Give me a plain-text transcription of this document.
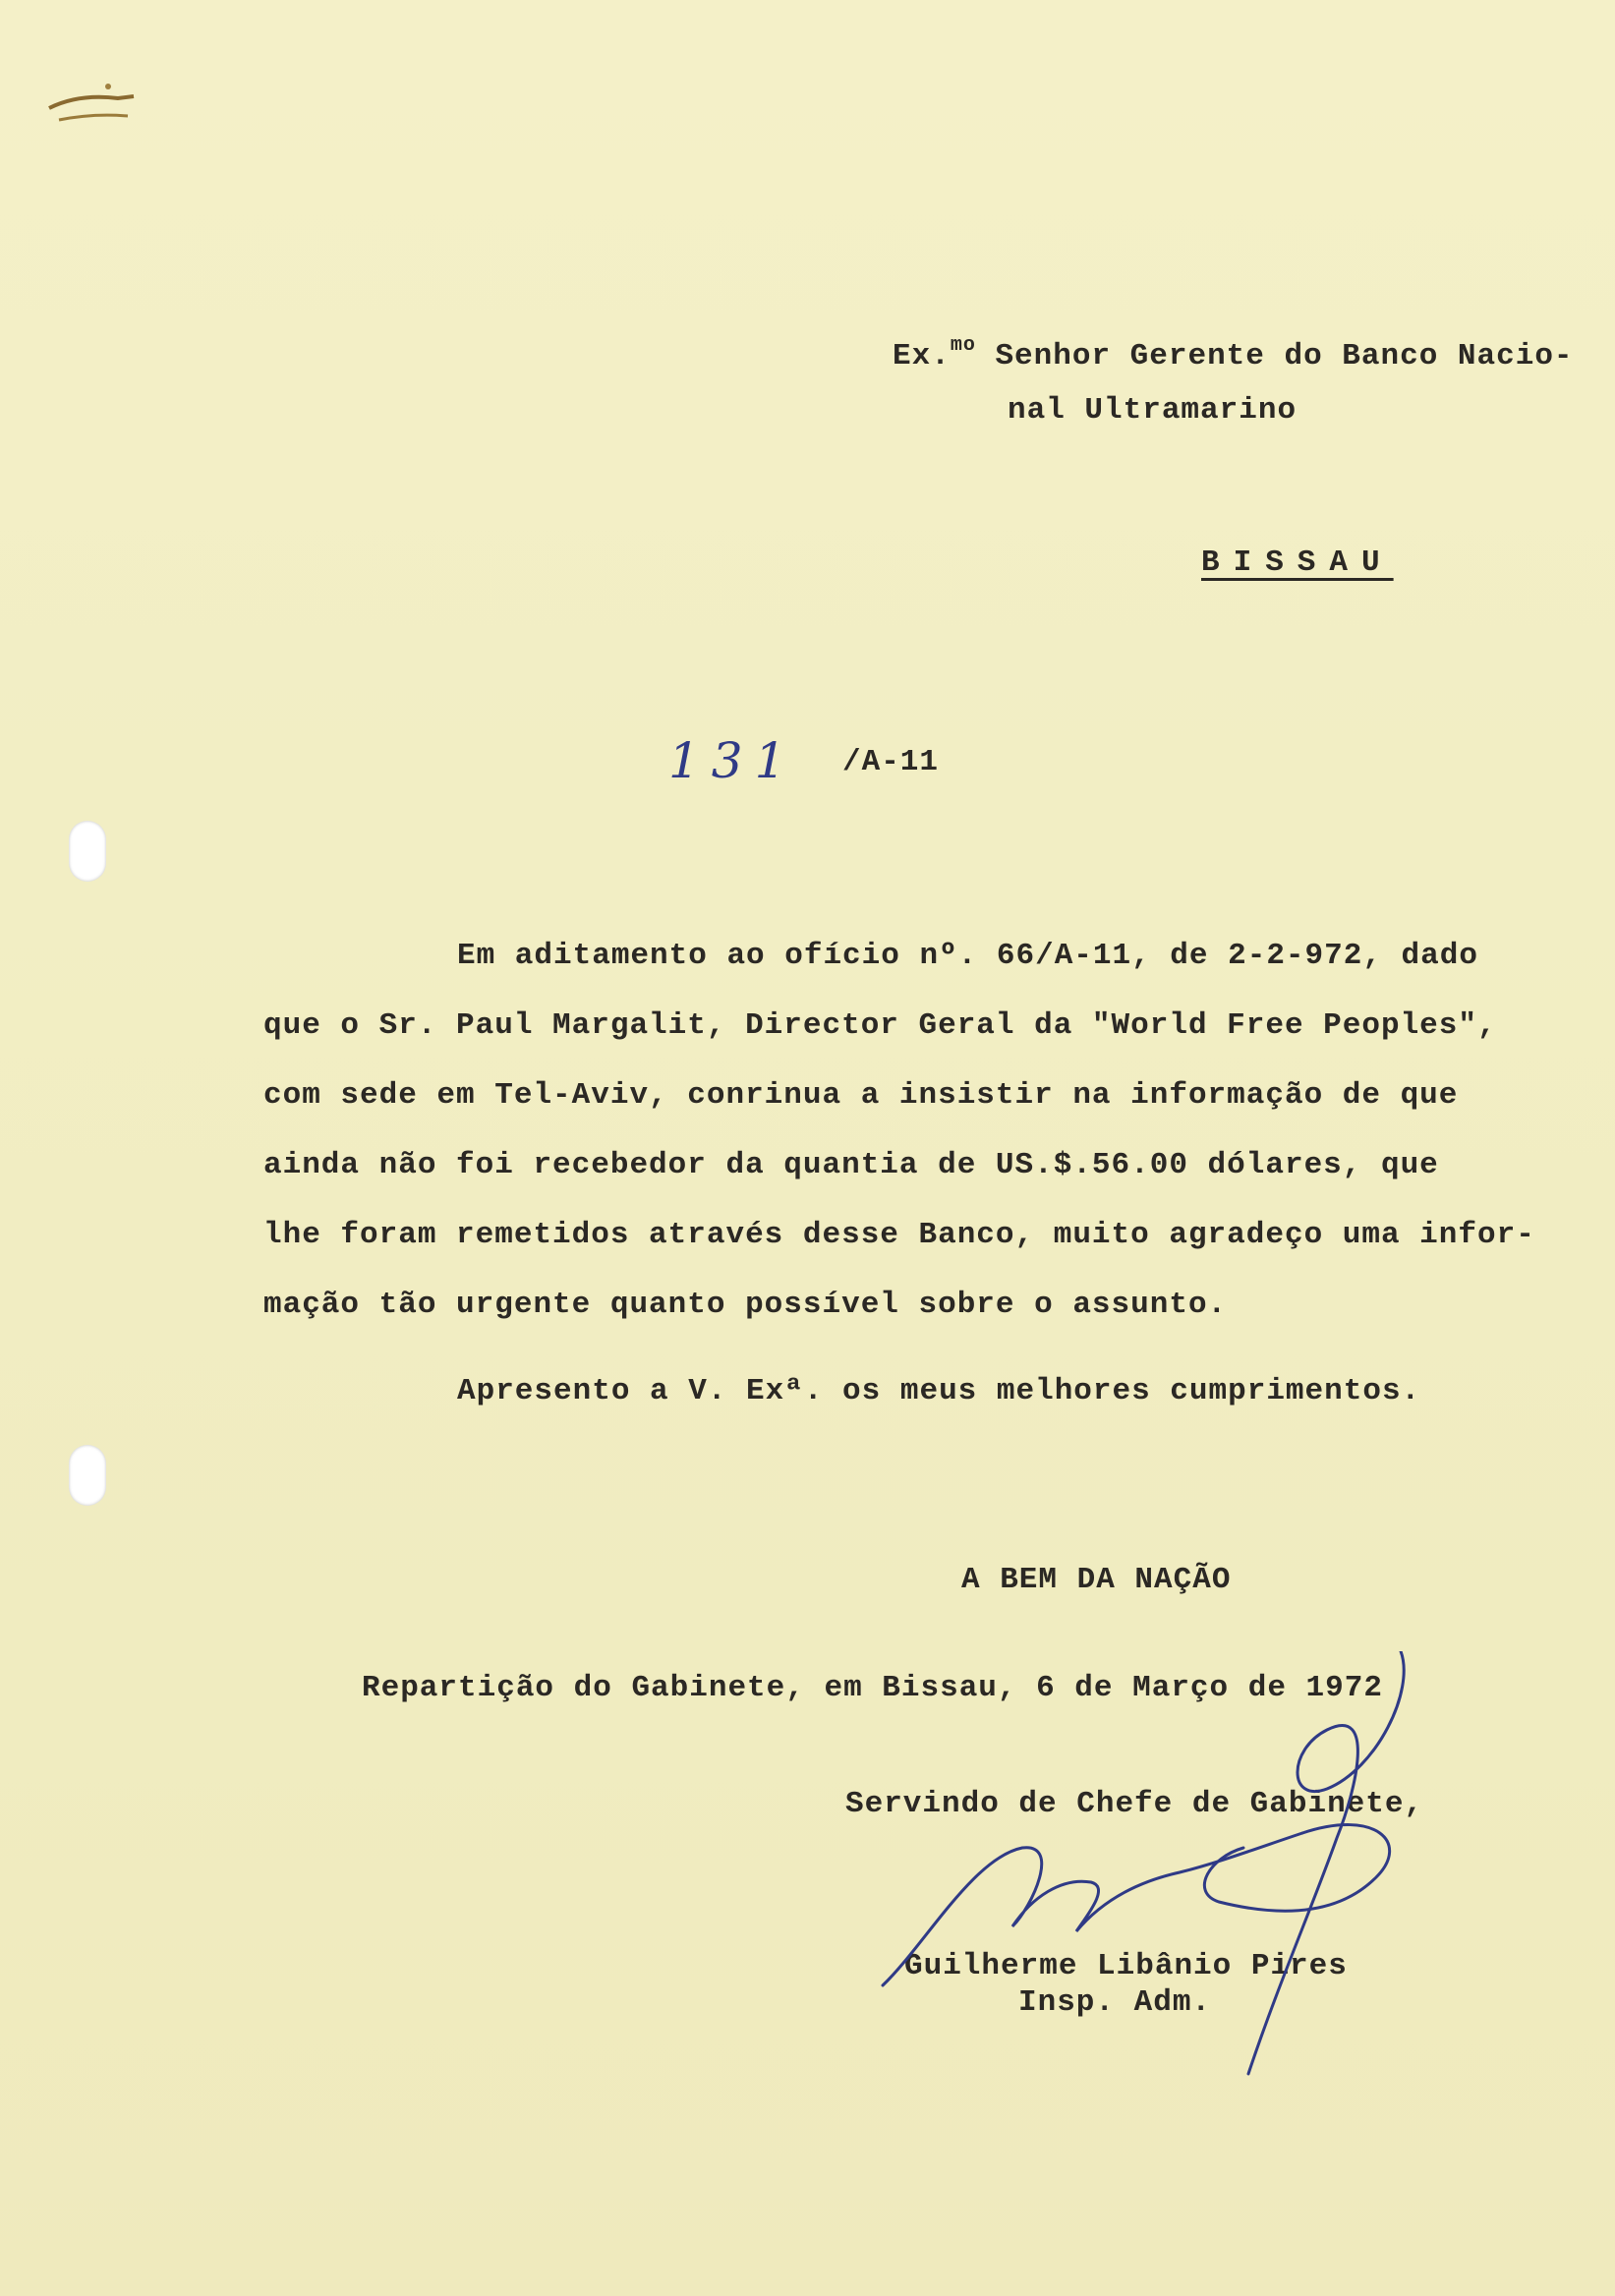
Ex.$^{mo}$ Senhor Gerente do Banco Nacio-
nal Ultramarino
BISSAU
131 /A-11
Em aditamento ao ofício nº. 66/A-11, de 2-2-972, dado
que o Sr. Paul Margalit, Director Geral da "World Free Peoples",
com sede em Tel-Aviv, conrinua a insistir na informação de que
ainda não foi recebedor da quantia de US.$.56.00 dólares, que
lhe foram remetidos através desse Banco, muito agradeço uma infor-
mação tão urgente quanto possível sobre o assunto.
Apresento a V. Exª. os meus melhores cumprimentos.
A BEM DA NAÇÃO
Repartição do Gabinete, em Bissau, 6 de Março de 1972
Servindo de Chefe de Gabinete,
Guilherme Libânio Pires
Insp. Adm.
